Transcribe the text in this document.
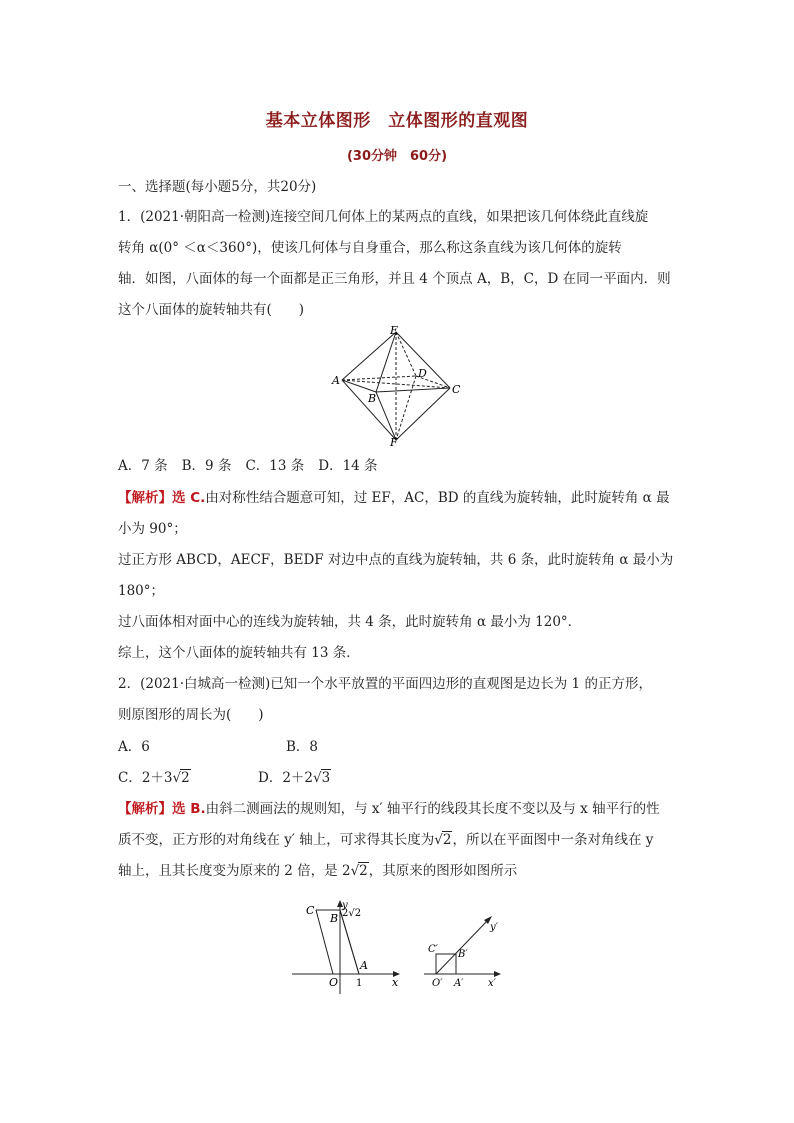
基本立体图形　立体图形的直观图
(30分钟　60分)
一、选择题(每小题5分，共20分)
1．(2021·朝阳高一检测)连接空间几何体上的某两点的直线，如果把该几何体绕此直线旋
转角 α(0° ＜α＜360°)，使该几何体与自身重合，那么称这条直线为该几何体的旋转
轴．如图，八面体的每一个面都是正三角形，并且 4 个顶点 A，B，C，D 在同一平面内．则
这个八面体的旋转轴共有(　　)
E
A
D
C
B
F
A．7 条 B．9 条 C．13 条 D．14 条
【解析】选 C.由对称性结合题意可知，过 EF，AC，BD 的直线为旋转轴，此时旋转角 α 最
小为 90°；
过正方形 ABCD，AECF，BEDF 对边中点的直线为旋转轴，共 6 条，此时旋转角 α 最小为
180°；
过八面体相对面中心的连线为旋转轴，共 4 条，此时旋转角 α 最小为 120°．
综上，这个八面体的旋转轴共有 13 条．
2．(2021·白城高一检测)已知一个水平放置的平面四边形的直观图是边长为 1 的正方形，
则原图形的周长为(　　)
A．6	B．8
C．2＋3√2	D．2＋2√3
【解析】选 B.由斜二测画法的规则知，与 x′ 轴平行的线段其长度不变以及与 x 轴平行的性
质不变，正方形的对角线在 y′ 轴上，可求得其长度为√2，所以在平面图中一条对角线在 y
轴上，且其长度变为原来的 2 倍，是 2√2，其原来的图形如图所示
y
C
B 2√2
A
O 1	x
y′
C′ B′
O′ A′ x′
